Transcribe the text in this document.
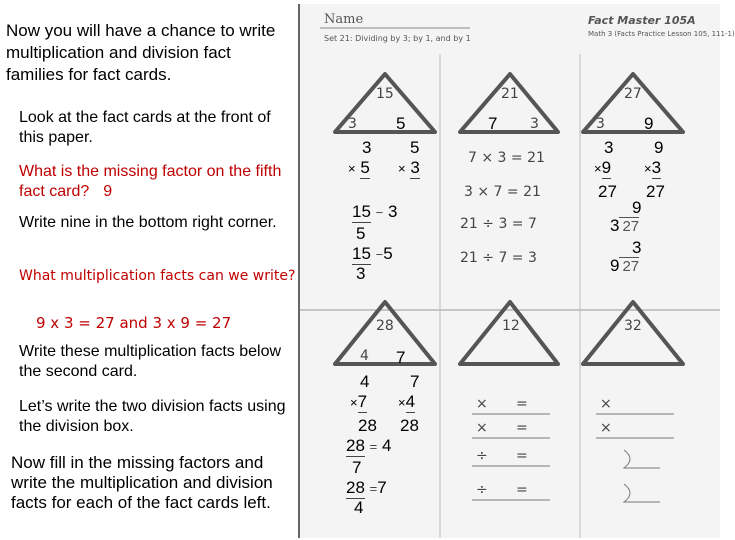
Now you will have a chance to write multiplication and division fact families for fact cards.
Look at the fact cards at the front of this paper.
What is the missing factor on the fifth fact card? 9
Write nine in the bottom right corner.
What multiplication facts can we write?
9 x 3 = 27 and 3 x 9 = 27
Write these multiplication facts below the second card.
Let’s write the two division facts using the division box.
Now fill in the missing factors and write the multiplication and division facts for each of the fact cards left.
Name
Set 21: Dividing by 3; by 1, and by 1
Fact Master 105A
Math 3 (Facts Practice Lesson 105, 111-1)
15
3
21
3
27
3
28
4
12	32
7 × 3 = 21
3 × 7 = 21
21 ÷ 3 = 7
21 ÷ 7 = 3
×
×
÷
÷
=
=
=
=
×
×
5
3
× 5
5
× 3
15 − 3
5
15 −5
3
7	9
3
×9
27
9
×3
27
9
3 27
3
9 27
7
4
×7
28
7
×4
28
28 = 4
7
28 =7
4
